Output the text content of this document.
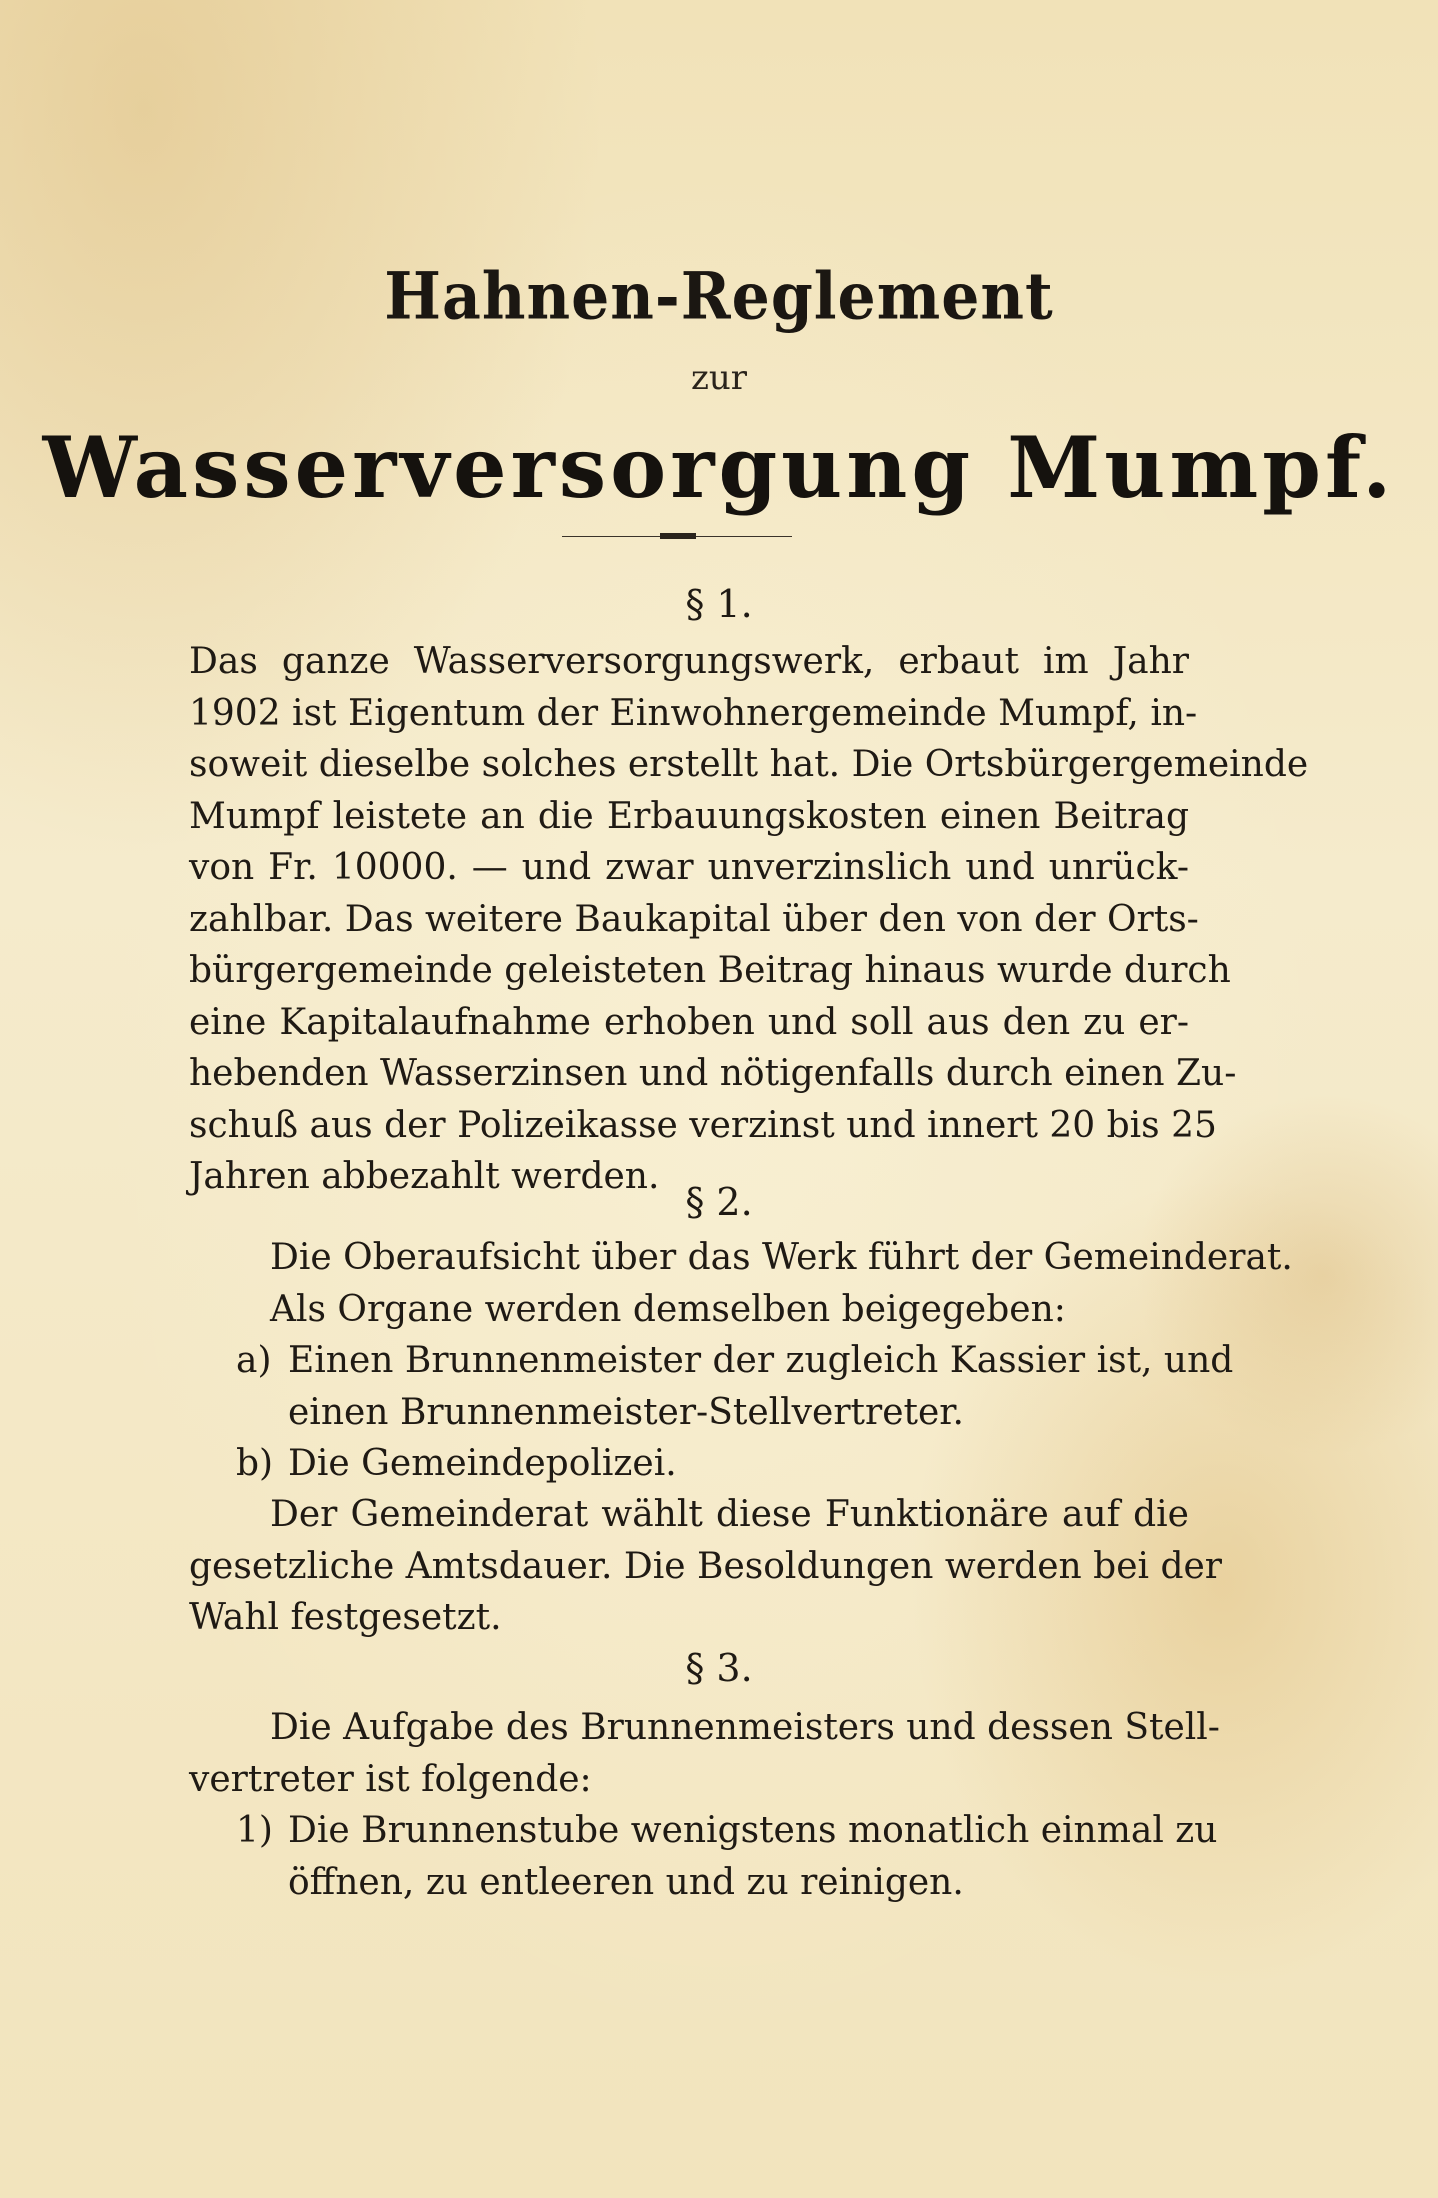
Hahnen-Reglement
zur
Wasserversorgung Mumpf.
§ 1.
Das ganze Wasserversorgungswerk, erbaut im Jahr
1902 ist Eigentum der Einwohnergemeinde Mumpf, in-
soweit dieselbe solches erstellt hat. Die Ortsbürgergemeinde
Mumpf leistete an die Erbauungskosten einen Beitrag
von Fr. 10000. — und zwar unverzinslich und unrück-
zahlbar. Das weitere Baukapital über den von der Orts-
bürgergemeinde geleisteten Beitrag hinaus wurde durch
eine Kapitalaufnahme erhoben und soll aus den zu er-
hebenden Wasserzinsen und nötigenfalls durch einen Zu-
schuß aus der Polizeikasse verzinst und innert 20 bis 25
Jahren abbezahlt werden.
§ 2.
Die Oberaufsicht über das Werk führt der Gemeinderat.
Als Organe werden demselben beigegeben:
a) Einen Brunnenmeister der zugleich Kassier ist, und
einen Brunnenmeister-Stellvertreter.
b) Die Gemeindepolizei.
Der Gemeinderat wählt diese Funktionäre auf die
gesetzliche Amtsdauer. Die Besoldungen werden bei der
Wahl festgesetzt.
§ 3.
Die Aufgabe des Brunnenmeisters und dessen Stell-
vertreter ist folgende:
1) Die Brunnenstube wenigstens monatlich einmal zu
öffnen, zu entleeren und zu reinigen.
